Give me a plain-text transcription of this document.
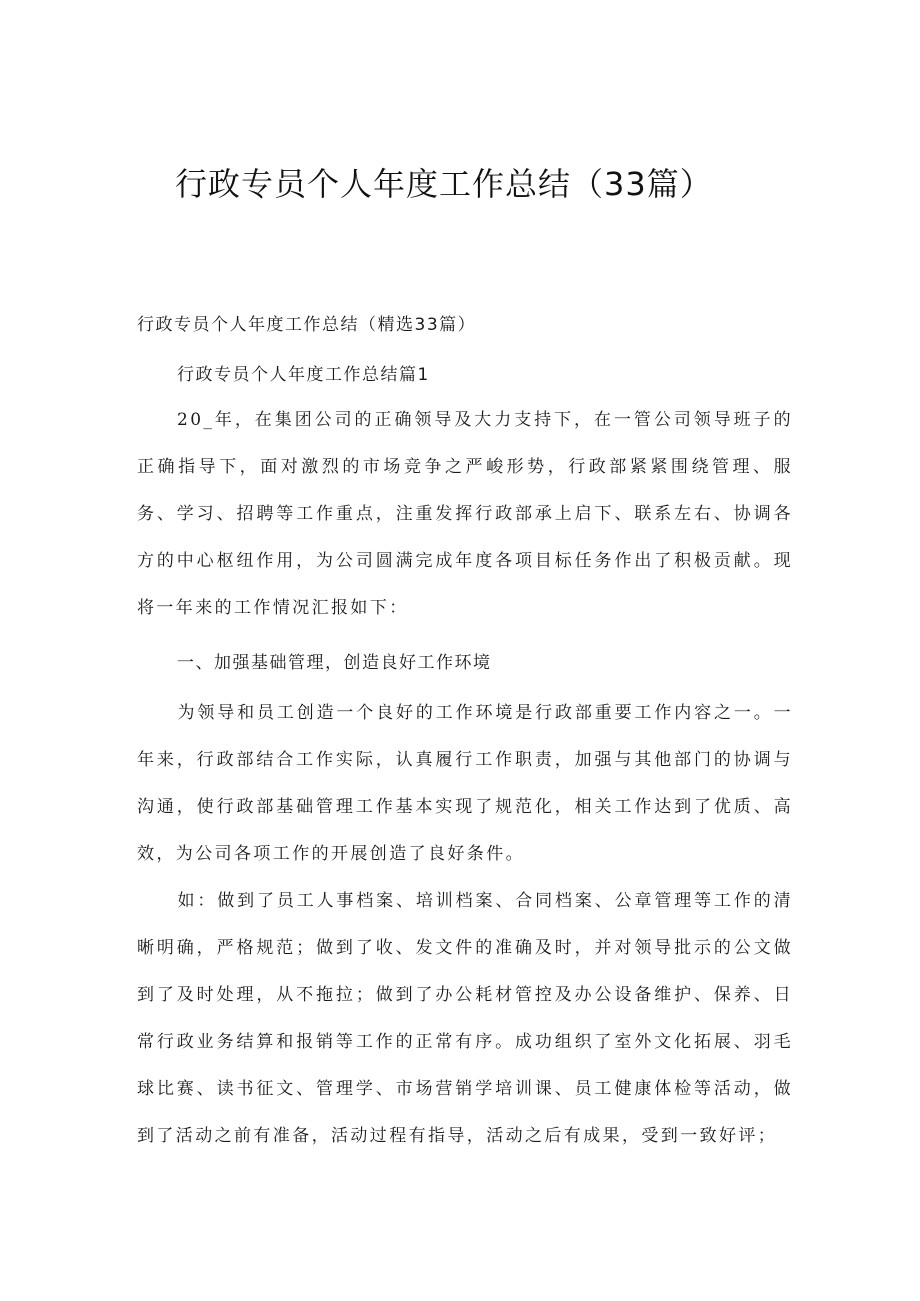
行政专员个人年度工作总结（33篇）
行政专员个人年度工作总结（精选33篇）
行政专员个人年度工作总结篇1

20_年，在集团公司的正确领导及大力支持下，在一管公司领导班子的正确指导下，面对激烈的市场竞争之严峻形势，行政部紧紧围绕管理、服务、学习、招聘等工作重点，注重发挥行政部承上启下、联系左右、协调各方的中心枢纽作用，为公司圆满完成年度各项目标任务作出了积极贡献。现将一年来的工作情况汇报如下：

一、加强基础管理，创造良好工作环境

为领导和员工创造一个良好的工作环境是行政部重要工作内容之一。一年来，行政部结合工作实际，认真履行工作职责，加强与其他部门的协调与沟通，使行政部基础管理工作基本实现了规范化，相关工作达到了优质、高效，为公司各项工作的开展创造了良好条件。

如：做到了员工人事档案、培训档案、合同档案、公章管理等工作的清晰明确，严格规范；做到了收、发文件的准确及时，并对领导批示的公文做到了及时处理，从不拖拉；做到了办公耗材管控及办公设备维护、保养、日常行政业务结算和报销等工作的正常有序。成功组织了室外文化拓展、羽毛球比赛、读书征文、管理学、市场营销学培训课、员工健康体检等活动，做到了活动之前有准备，活动过程有指导，活动之后有成果，受到一致好评；
